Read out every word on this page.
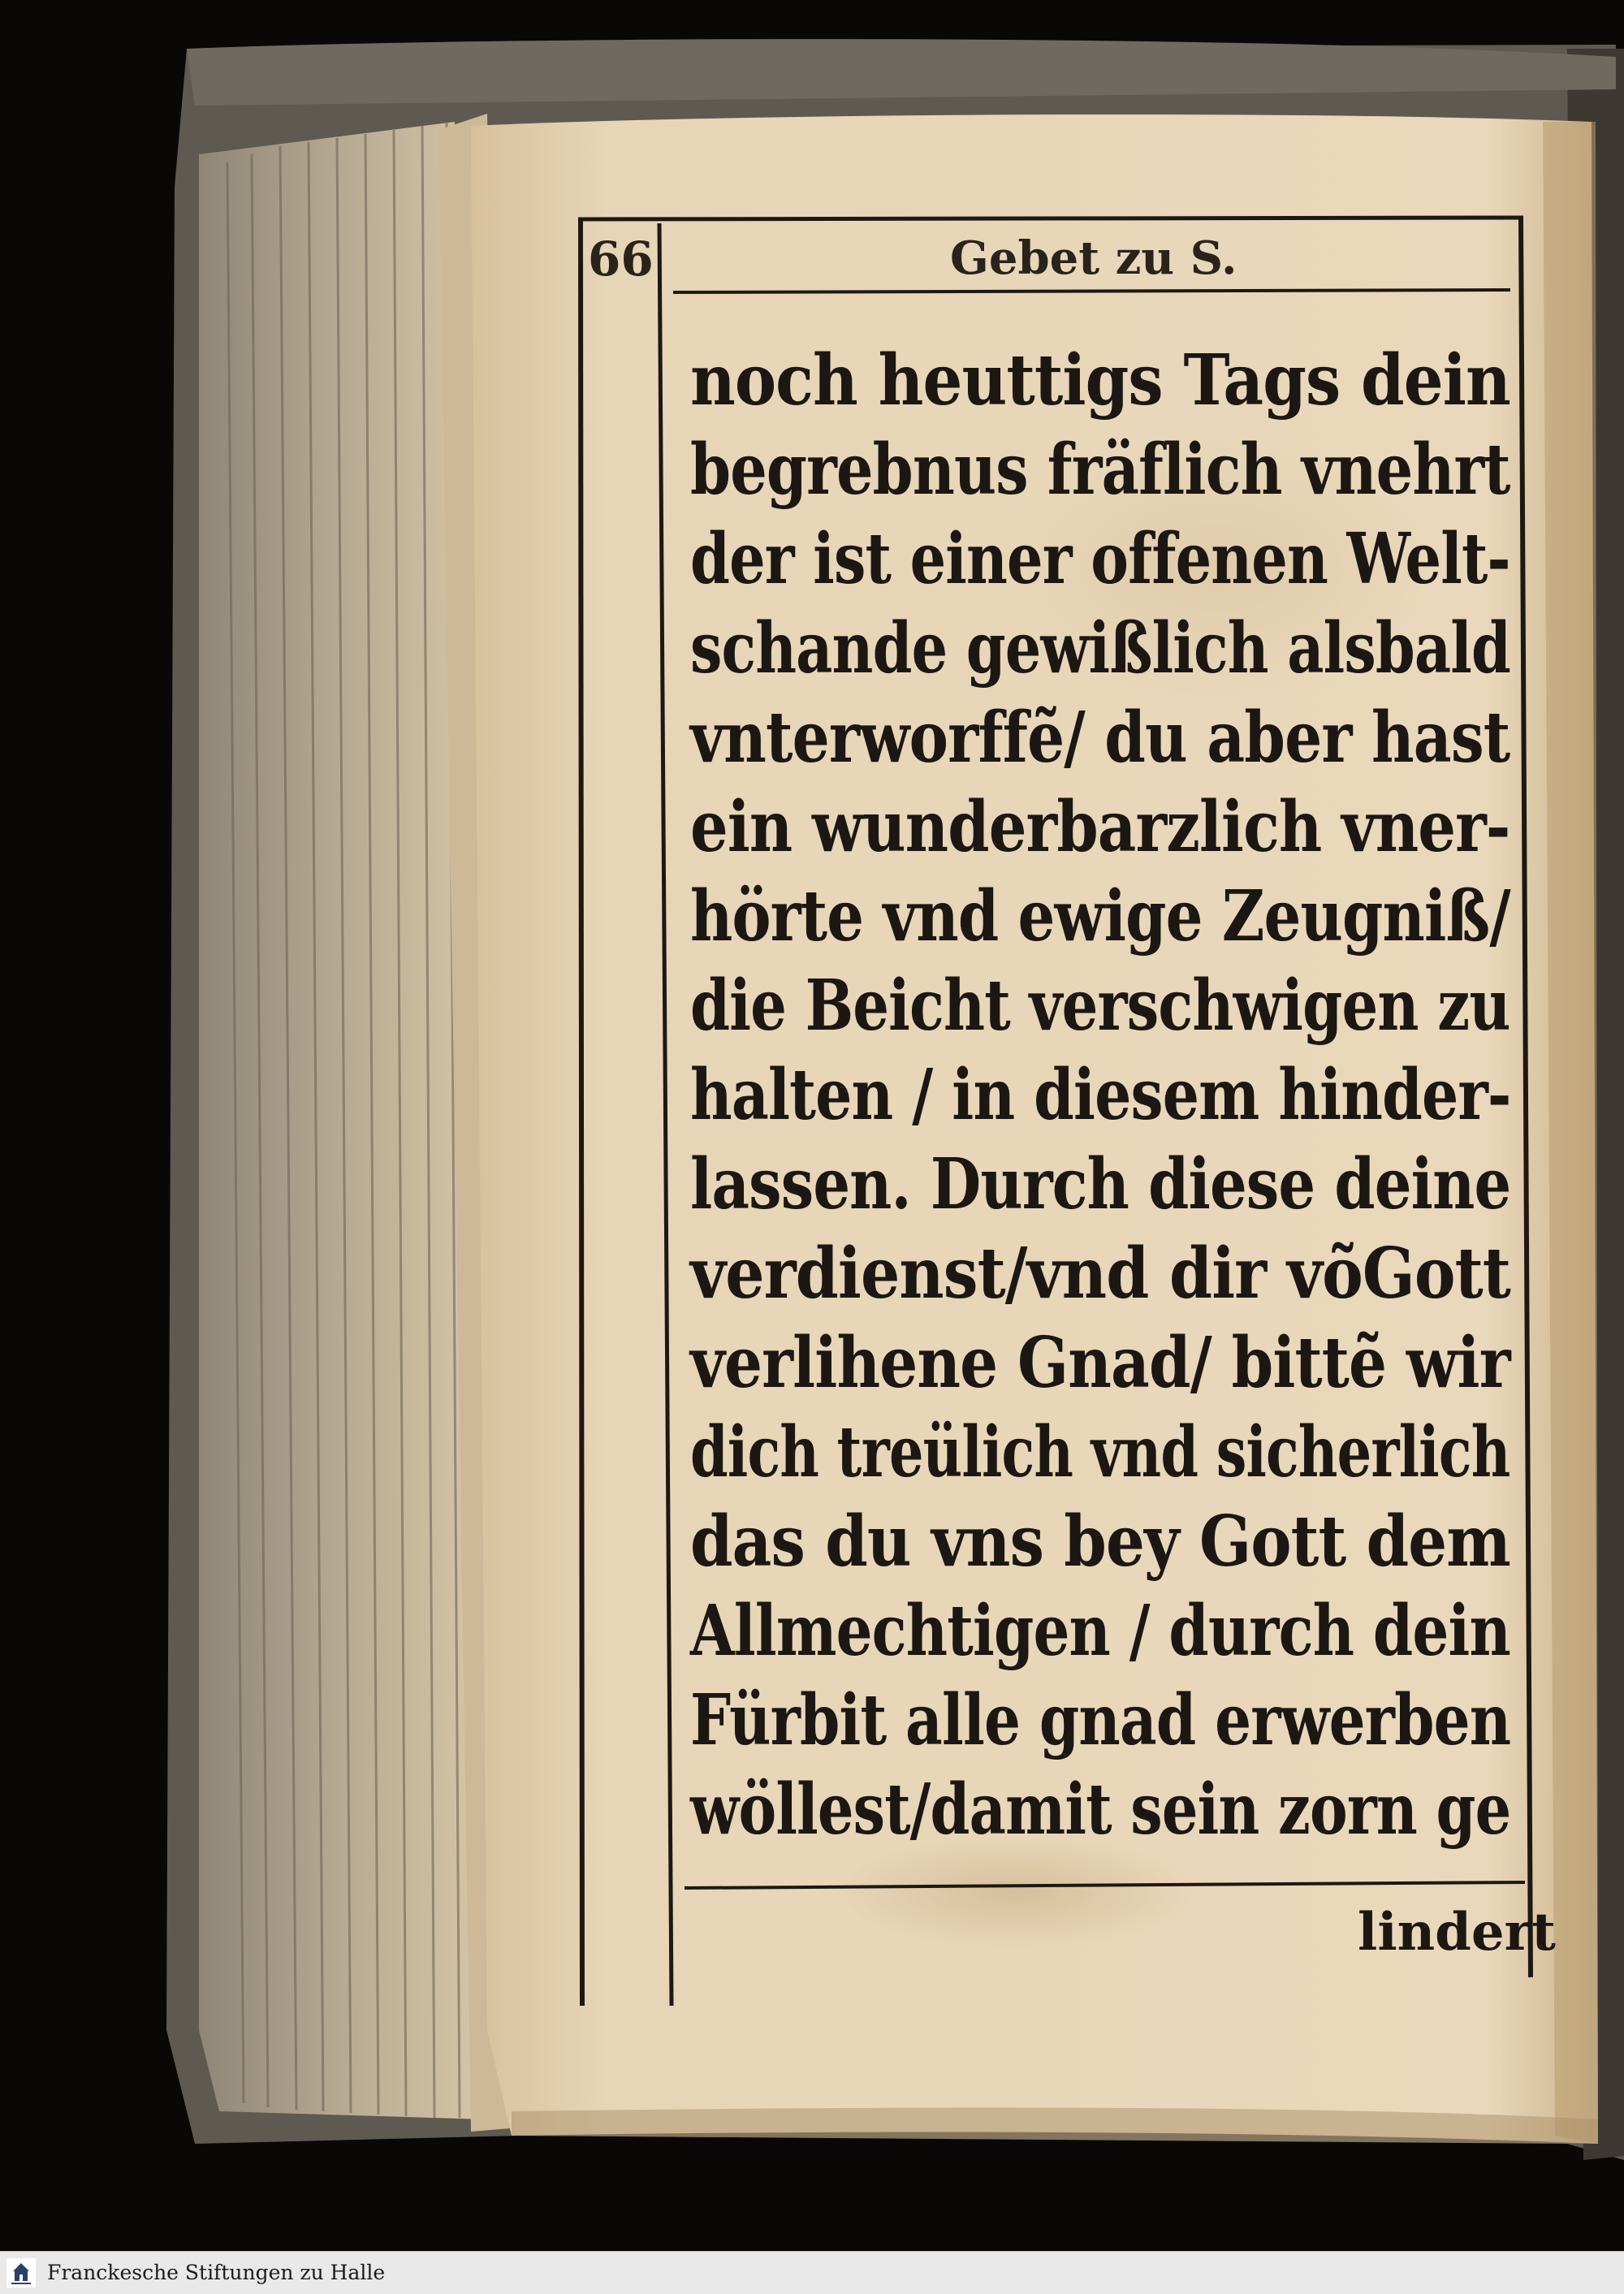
66	Gebet zu S.
noch heuttigs Tags dein
begrebnus fräflich vnehrt
der ist einer offenen Welt-
schande gewißlich alsbald
vnterworffẽ/ du aber hast
ein wunderbarzlich vner-
hörte vnd ewige Zeugniß/
die Beicht verschwigen zu
halten / in diesem hinder-
lassen. Durch diese deine
verdienst/vnd dir võGott
verlihene Gnad/ bittẽ wir
dich treülich vnd sicherlich
das du vns bey Gott dem
Allmechtigen / durch dein
Fürbit alle gnad erwerben
wöllest/damit sein zorn ge
lindert
Franckesche Stiftungen zu Halle
